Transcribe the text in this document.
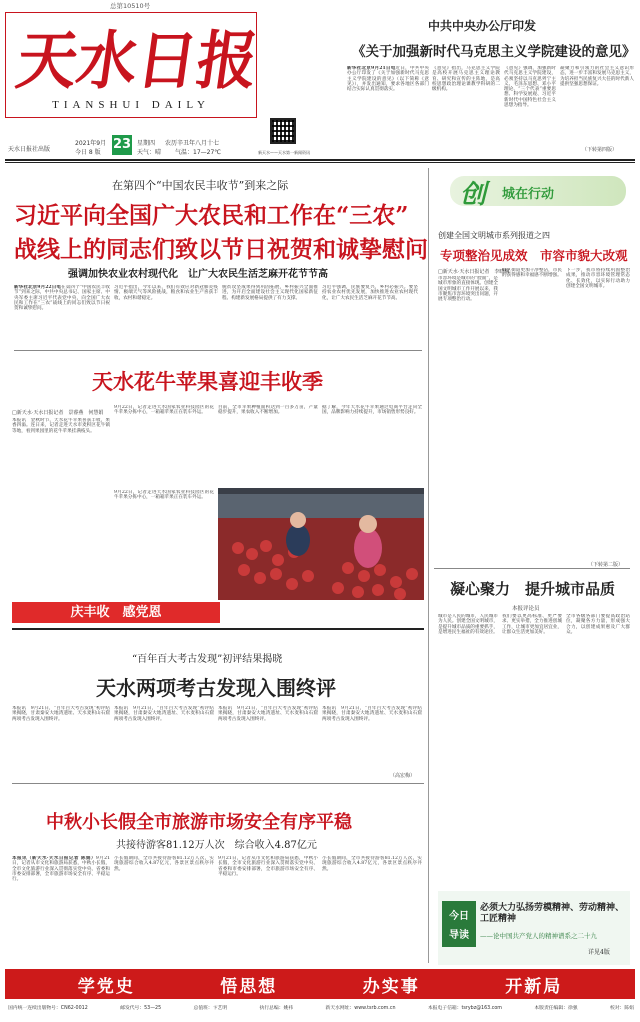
总第10510号
天
水
日
报
TIANSHUI DAILY
天水日报社出版
2021年9月
今日 8 版
23 星期四 农历辛丑年八月十七
天气：晴 气温：17—27℃	新天水——天水第一新闻资讯
中共中央办公厅印发
《关于加强新时代马克思主义学院建设的意见》
新华社北京9月21日电近日，中共中央办公厅印发了《关于加强新时代马克思主义学院建设的意见》（以下简称《意见》），并发出通知，要求各地区各部门结合实际认真贯彻落实。
《意见》指出，马克思主义学院是高校开展马克思主义理论教育、研究和宣传的主阵地，是高校思想政治理论课教学科研的二级机构。
《意见》强调，加强新时代马克思主义学院建设，必须坚持以马克思列宁主义、毛泽东思想、邓小平理论、“三个代表”重要思想、科学发展观、习近平新时代中国特色社会主义思想为指导。
凝聚力和引领力的社会主义意识形态，进一步丰富和发展马克思主义，为培养担当民族复兴大任的时代新人提供坚强思想保证。
（下转第四版）
在第四个“中国农民丰收节”到来之际
习近平向全国广大农民和工作在“三农”
战线上的同志们致以节日祝贺和诚挚慰问
强调加快农业农村现代化　让广大农民生活芝麻开花节节高
新华社北京9月22日电在第四个“中国农民丰收节”到来之际，中共中央总书记、国家主席、中央军委主席习近平代表党中央，向全国广大农民和工作在“三农”战线上的同志们致以节日祝贺和诚挚慰问。
习近平指出，今年以来，我们有效应对新冠肺炎疫情、极端天气等风险挑战，粮食和农业生产喜获丰收，农村和谐稳定。
脱贫攻坚成果得到巩固拓展，乡村振兴全面推进，为开启全面建设社会主义现代化国家新征程、构建新发展格局提供了有力支撑。
习近平强调，民族要复兴，乡村必振兴。要坚持农业农村优先发展，加快推进农业农村现代化，让广大农民生活芝麻开花节节高。
天水花牛苹果喜迎丰收季
□新天水·天水日报记者　景睿燕　何慧娟
本报讯　金秋时节，天水花牛苹果喜获丰收，果香四溢。连日来，记者走进天水市麦积区花牛镇等地，看到果园里的花牛苹果挂满枝头。
9月22日，记者走进天水国家农业科技园区的花牛苹果分拣中心，一箱箱苹果正在装车外运。
目前，全市苹果种植面积达到一百多万亩，产量稳步提升，果农收入不断增加。
据了解，今年天水花牛苹果通过电商平台走向全国，品牌影响力持续提升，市场销售形势良好。
庆丰收　感党恩
9月22日，记者走进天水国家农业科技园区的花牛苹果分拣中心，一箱箱苹果正在装车外运。
“百年百大考古发现”初评结果揭晓
天水两项考古发现入围终评
本报讯　9月21日，“百年百大考古发现”初评结果揭晓，甘肃秦安大地湾遗址、天水麦积山石窟两项考古发现入围终评。
本报讯　9月21日，“百年百大考古发现”初评结果揭晓，甘肃秦安大地湾遗址、天水麦积山石窟两项考古发现入围终评。
本报讯　9月21日，“百年百大考古发现”初评结果揭晓，甘肃秦安大地湾遗址、天水麦积山石窟两项考古发现入围终评。
本报讯　9月21日，“百年百大考古发现”初评结果揭晓，甘肃秦安大地湾遗址、天水麦积山石窟两项考古发现入围终评。
（高宏梅）
中秋小长假全市旅游市场安全有序平稳
共接待游客81.12万人次　综合收入4.87亿元
本报讯（新天水·天水日报记者 陈娟）9月21日，记者从市文化和旅游局获悉，中秋小长假，全市文化旅游行业深入贯彻落实党中央、省委和市委安排部署，全市旅游市场安全有序、平稳运行。
小长假期间，全市共接待游客81.12万人次，实现旅游综合收入4.87亿元，各景区景点秩序井然。
9月21日，记者从市文化和旅游局获悉，中秋小长假，全市文化旅游行业深入贯彻落实党中央、省委和市委安排部署，全市旅游市场安全有序、平稳运行。
小长假期间，全市共接待游客81.12万人次，实现旅游综合收入4.87亿元，各景区景点秩序井然。
创 城在行动
创建全国文明城市系列报道之四
专项整治见成效　市容市貌大改观
□新天水·天水日报记者　李晓桐
市容环境是城市的“脸面”，是城市形象的直接体现。创建全国文明城市工作开展以来，我市聚焦市容环境突出问题，开展专项整治行动。
城区街道更加干净整洁，市民的获得感和幸福感不断增强。
下一步，我市将持续巩固整治成果，推动市容环境管理常态化、长效化，以实际行动助力创建全国文明城市。
（下转第二版）
凝心聚力　提升城市品质
本报评论员
城市是人民的城市，人民城市为人民。创建全国文明城市，是提升城市品质的重要抓手，是增进民生福祉的有效途径。
我们要以更高标准、更严要求、更实举措，全力推进创城工作，让城市更加宜居宜业，让群众生活更加美好。
全市各级各部门要提高政治站位，凝聚各方力量，形成强大合力，以创建成果惠及广大群众。
今日
导读
必须大力弘扬劳模精神、劳动精神、工匠精神
——论中国共产党人的精神谱系之二十九
详见4版
学党史	悟思想	办实事	开新局
国内统一连续出版物号：CN62-0012	邮发代号：53—25	总值班：卞艺明	执行总编：姚祎	新天水网址：www.tsrb.com.cn	本报电子信箱：tsrybz@163.com	本版责任编辑：徐强	校对：陈娟
